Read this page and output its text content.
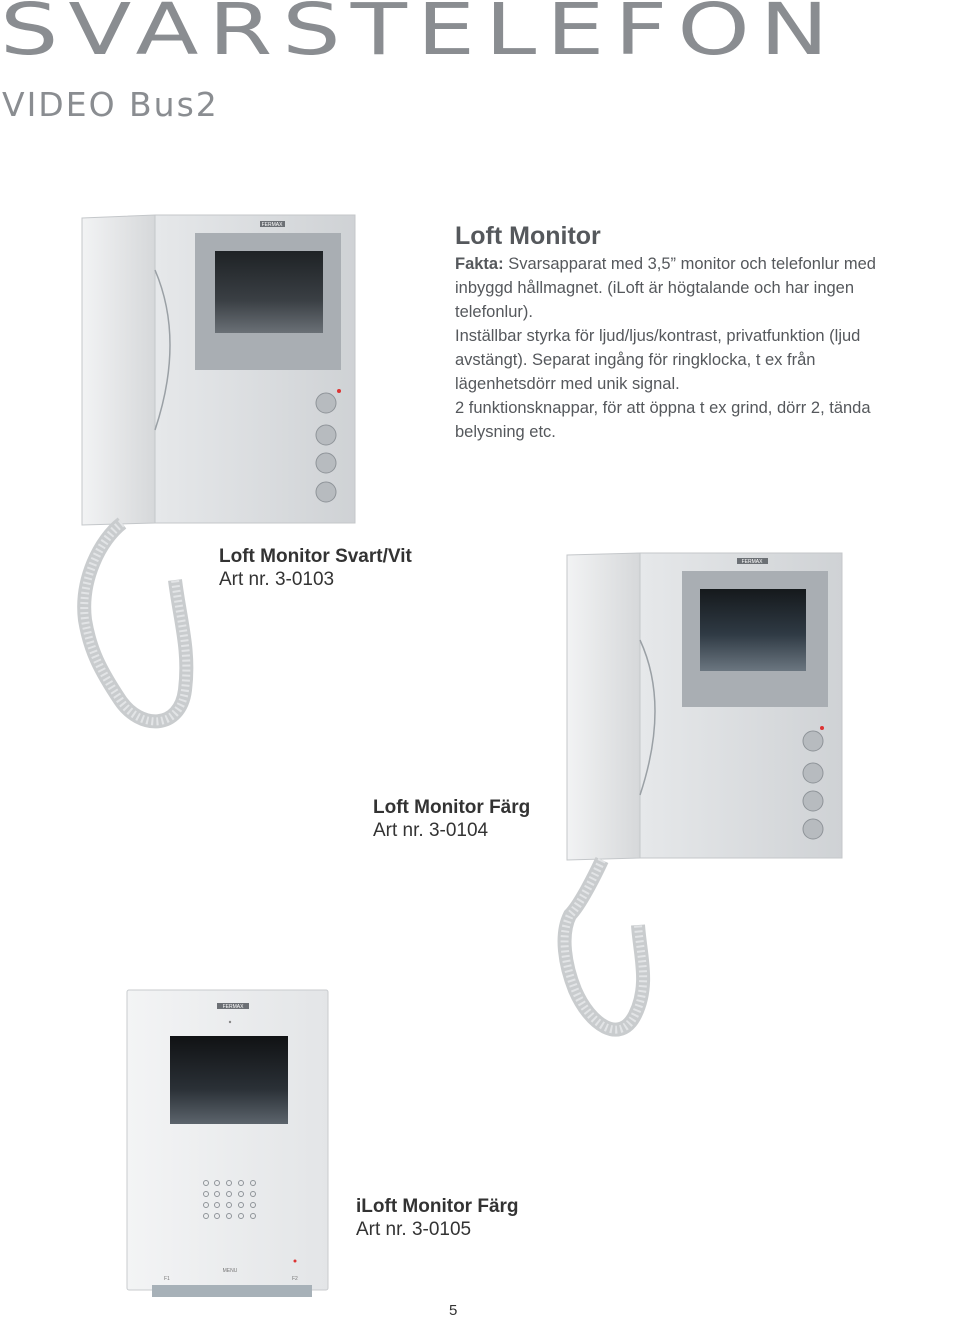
SVARSTELEFON
VIDEO Bus2
FERMAX	Loft Monitor

Fakta: Svarsapparat med 3,5” monitor och telefonlur med inbyggd hållmagnet. (iLoft är högtalande och har ingen telefonlur).

Inställbar styrka för ljud/ljus/kontrast, privatfunktion (ljud avstängt). Separat ingång för ringklocka, t ex från lägenhetsdörr med unik signal.

2 funktionsknappar, för att öppna t ex grind, dörr 2, tända belysning etc.

Loft Monitor Svart/Vit
Art nr. 3-0103
FERMAX
Loft Monitor Färg
Art nr. 3-0104
FERMAX
F1
MENU
F2
iLoft Monitor Färg
Art nr. 3-0105
5
